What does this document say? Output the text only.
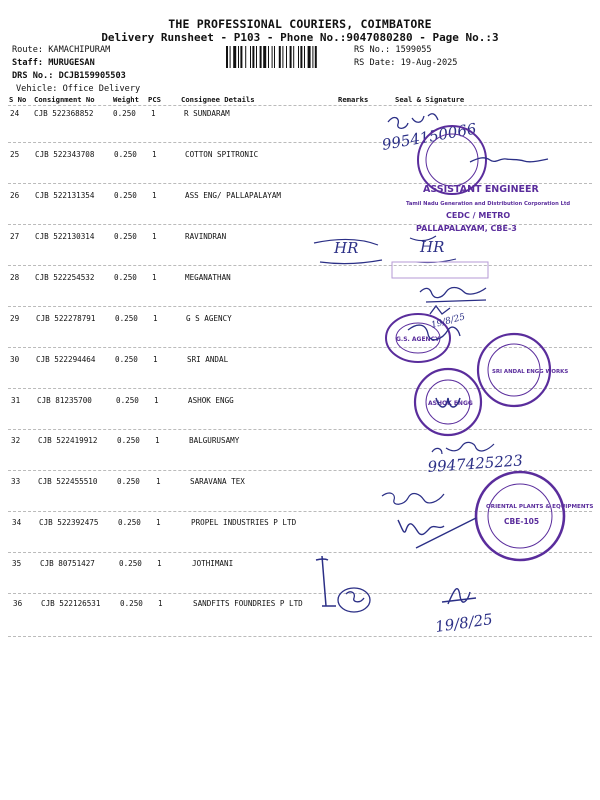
THE PROFESSIONAL COURIERS, COIMBATORE
Delivery Runsheet - P103 - Phone No.:9047080280 - Page No.:3
Route: KAMACHIPURAM
Staff: MURUGESAN
DRS No.: DCJB159905503
Vehicle: Office Delivery
RS No.: 1599055
RS Date: 19-Aug-2025
S No Consignment No	Weight PCS	Consignee Details	Remarks	Seal & Signature
24 CJB 522368852	0.250 1	R SUNDARAM
25 CJB 522343708	0.250 1	COTTON SPITRONIC
26 CJB 522131354	0.250 1	ASS ENG/ PALLAPALAYAM
27 CJB 522130314	0.250 1	RAVINDRAN
28 CJB 522254532	0.250 1	MEGANATHAN
29 CJB 522278791	0.250 1	G S AGENCY
30 CJB 522294464	0.250 1	SRI ANDAL
31 CJB 81235700	0.250 1	ASHOK ENGG
32 CJB 522419912	0.250 1	BALGURUSAMY
33 CJB 522455510	0.250 1	SARAVANA TEX
34 CJB 522392475	0.250 1	PROPEL INDUSTRIES P LTD
35 CJB 80751427	0.250 1	JOTHIMANI
36 CJB 522126531	0.250 1	SANDFITS FOUNDRIES P LTD
9954150066
ASSISTANT ENGINEER
Tamil Nadu Generation and Distribution Corporation Ltd
CEDC / METRO
PALLAPALAYAM, CBE-3
HR	HR
G.S. AGENCY
19/8/25
SRI ANDAL ENGG WORKS
ASHOK ENGG
9947425223
ORIENTAL PLANTS & EQUIPMENTS
CBE-105
19/8/25
